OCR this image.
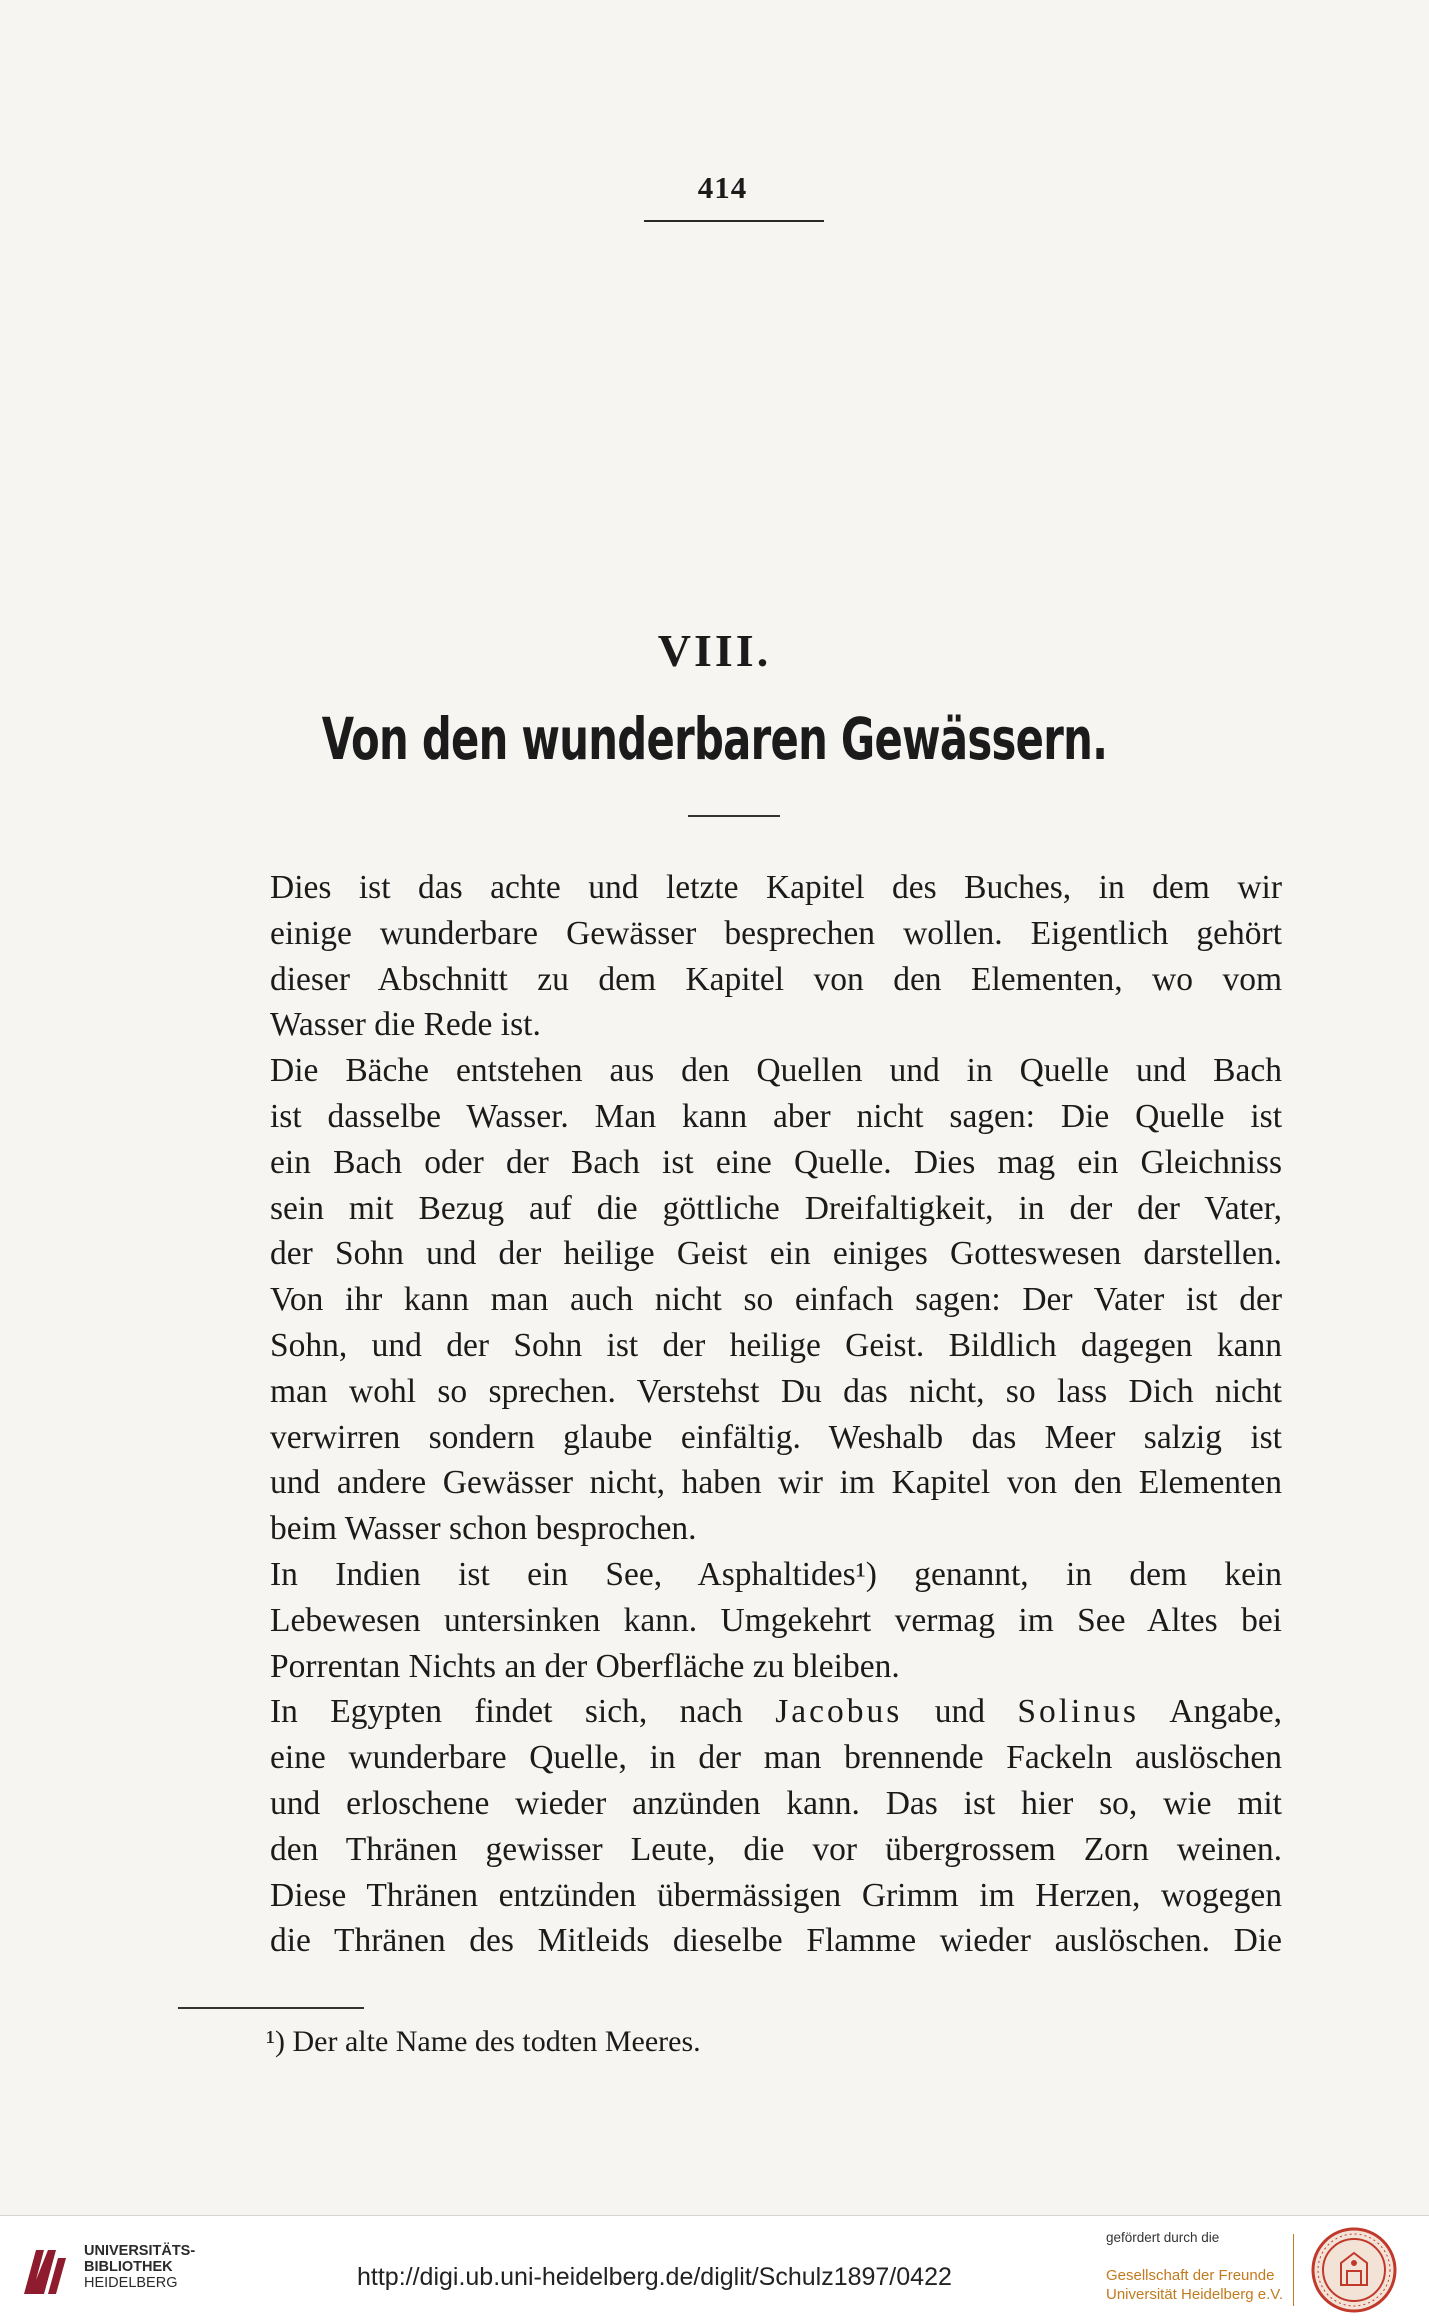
414
VIII.
Von den wunderbaren Gewässern.

Dies ist das achte und letzte Kapitel des Buches, in dem wir
einige wunderbare Gewässer besprechen wollen. Eigentlich gehört
dieser Abschnitt zu dem Kapitel von den Elementen, wo vom
Wasser die Rede ist.

Die Bäche entstehen aus den Quellen und in Quelle und Bach
ist dasselbe Wasser. Man kann aber nicht sagen: Die Quelle ist
ein Bach oder der Bach ist eine Quelle. Dies mag ein Gleichniss
sein mit Bezug auf die göttliche Dreifaltigkeit, in der der Vater,
der Sohn und der heilige Geist ein einiges Gotteswesen darstellen.
Von ihr kann man auch nicht so einfach sagen: Der Vater ist der
Sohn, und der Sohn ist der heilige Geist. Bildlich dagegen kann
man wohl so sprechen. Verstehst Du das nicht, so lass Dich nicht
verwirren sondern glaube einfältig. Weshalb das Meer salzig ist
und andere Gewässer nicht, haben wir im Kapitel von den Elementen
beim Wasser schon besprochen.

In Indien ist ein See, Asphaltides¹) genannt, in dem kein
Lebewesen untersinken kann. Umgekehrt vermag im See Altes bei
Porrentan Nichts an der Oberfläche zu bleiben.

In Egypten findet sich, nach Jacobus und Solinus Angabe,
eine wunderbare Quelle, in der man brennende Fackeln auslöschen
und erloschene wieder anzünden kann. Das ist hier so, wie mit
den Thränen gewisser Leute, die vor übergrossem Zorn weinen.
Diese Thränen entzünden übermässigen Grimm im Herzen, wogegen
die Thränen des Mitleids dieselbe Flamme wieder auslöschen. Die

¹) Der alte Name des todten Meeres.
UNIVERSITÄTS-
BIBLIOTHEK
HEIDELBERG	http://digi.ub.uni-heidelberg.de/diglit/Schulz1897/0422
gefördert durch die
Gesellschaft der Freunde
Universität Heidelberg e.V.
